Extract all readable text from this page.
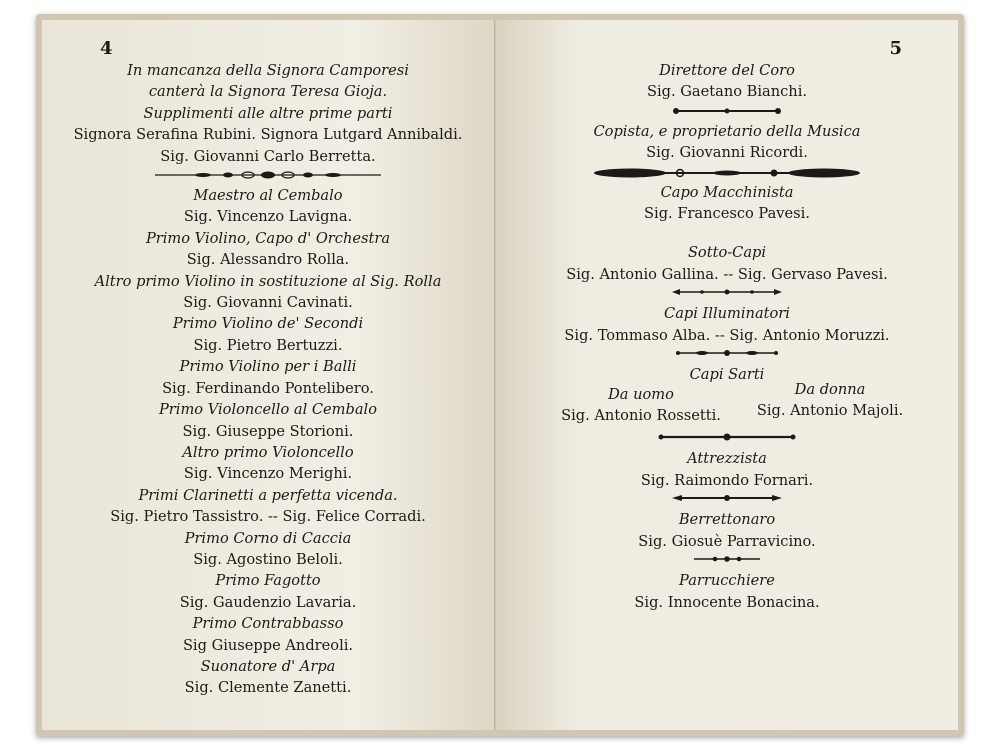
4
In mancanza della Signora Camporesi
canterà la Signora Teresa Gioja.
Supplimenti alle altre prime parti
Signora Serafina Rubini. Signora Lutgard Annibaldi.
Sig. Giovanni Carlo Berretta.
Maestro al Cembalo
Sig. Vincenzo Lavigna.
Primo Violino, Capo d' Orchestra
Sig. Alessandro Rolla.
Altro primo Violino in sostituzione al Sig. Rolla
Sig. Giovanni Cavinati.
Primo Violino de' Secondi
Sig. Pietro Bertuzzi.
Primo Violino per i Balli
Sig. Ferdinando Pontelibero.
Primo Violoncello al Cembalo
Sig. Giuseppe Storioni.
Altro primo Violoncello
Sig. Vincenzo Merighi.
Primi Clarinetti a perfetta vicenda.
Sig. Pietro Tassistro. -- Sig. Felice Corradi.
Primo Corno di Caccia
Sig. Agostino Beloli.
Primo Fagotto
Sig. Gaudenzio Lavaria.
Primo Contrabbasso
Sig Giuseppe Andreoli.
Suonatore d' Arpa
Sig. Clemente Zanetti.
5
Direttore del Coro
Sig. Gaetano Bianchi.
Copista, e proprietario della Musica
Sig. Giovanni Ricordi.
Capo Macchinista
Sig. Francesco Pavesi.
Sotto-Capi
Sig. Antonio Gallina. -- Sig. Gervaso Pavesi.
Capi Illuminatori
Sig. Tommaso Alba. -- Sig. Antonio Moruzzi.
Capi Sarti
Da uomo
Sig. Antonio Rossetti.
Da donna
Sig. Antonio Majoli.
Attrezzista
Sig. Raimondo Fornari.
Berrettonaro
Sig. Giosuè Parravicino.
Parrucchiere
Sig. Innocente Bonacina.
